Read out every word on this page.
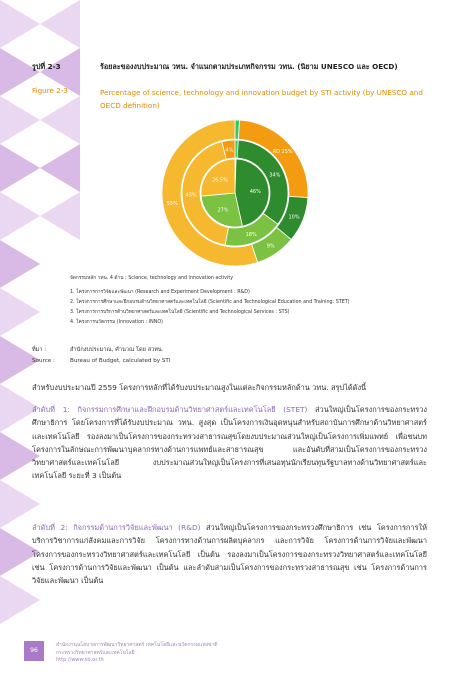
รูปที่ 2-3	ร้อยละของงบประมาณ วทน. จำแนกตามประเภทกิจกรรม วทน. (นิยาม UNESCO และ OECD)
Figure 2-3	Percentage of science, technology and innovation budget by STI activity (by UNESCO and OECD definition)
RD 25%
10%
9%
55%
34%
18%
43%
4%
46%
27%
26.5%
จัดกรรมหลัก วทน. 4 ด้าน : Science, technology and innovation activity
1. โครงการการวิจัยและพัฒนา (Research and Experiment Development : R&D)
2. โครงการการศึกษาและฝึกอบรมด้านวิทยาศาสตร์และเทคโนโลยี (Scientific and Technological Education and Training: STET)
3. โครงการการบริการด้านวิทยาศาสตร์และเทคโนโลยี (Scientific and Technological Services : STS)
4. โครงการนวัตกรรม (Innovation : INNO)
ที่มา :	สำนักงบประมาณ, คำนวณ โดย สวทน.
Source :	Bureau of Budget, calculated by STI
สำหรับงบประมาณปี 2559 โครงการหลักที่ได้รับงบประมาณสูงในแต่ละกิจกรรมหลักด้าน วทน. สรุปได้ดังนี้
ลำดับที่ 1: กิจกรรมการศึกษาและฝึกอบรมด้านวิทยาศาสตร์และเทคโนโลยี (STET) ส่วนใหญ่เป็นโครงการของกระทรวงศึกษาธิการ โดยโครงการที่ได้รับงบประมาณ วทน. สูงสุด เป็นโครงการเงินอุดหนุนสำหรับสถาบันการศึกษาด้านวิทยาศาสตร์และเทคโนโลยี รองลงมาเป็นโครงการของกระทรวงสาธารณสุขโดยงบประมาณส่วนใหญ่เป็นโครงการเพิ่มแพทย์ เพื่อชนบท โครงการในลักษณะการพัฒนาบุคลากรทางด้านการแพทย์และสาธารณสุข และอันดับที่สามเป็นโครงการของกระทรวงวิทยาศาสตร์และเทคโนโลยี งบประมาณส่วนใหญ่เป็นโครงการที่เสนอทุนนักเรียนทุนรัฐบาลทางด้านวิทยาศาสตร์และเทคโนโลยี ระยะที่ 3 เป็นต้น
ลำดับที่ 2: กิจกรรมด้านการวิจัยและพัฒนา (R&D) ส่วนใหญ่เป็นโครงการของกระทรวงศึกษาธิการ เช่น โครงการการให้บริการวิชาการแก่สังคมและการวิจัย โครงการทางด้านการผลิตบุคลากร และการวิจัย โครงการด้านการวิจัยและพัฒนาโครงการของกระทรวงวิทยาศาสตร์และเทคโนโลยี เป็นต้น รองลงมาเป็นโครงการของกระทรวงวิทยาศาสตร์และเทคโนโลยีเช่น โครงการด้านการวิจัยและพัฒนา เป็นต้น และลำดับสามเป็นโครงการของกระทรวงสาธารณสุข เช่น โครงการด้านการวิจัยและพัฒนา เป็นต้น
96
สำนักงานนโยบายการพัฒนาวิทยาศาสตร์ เทคโนโลยีและนวัตกรรมแห่งชาติ
กระทรวงวิทยาศาสตร์และเทคโนโลยี
http://www.sti.or.th
